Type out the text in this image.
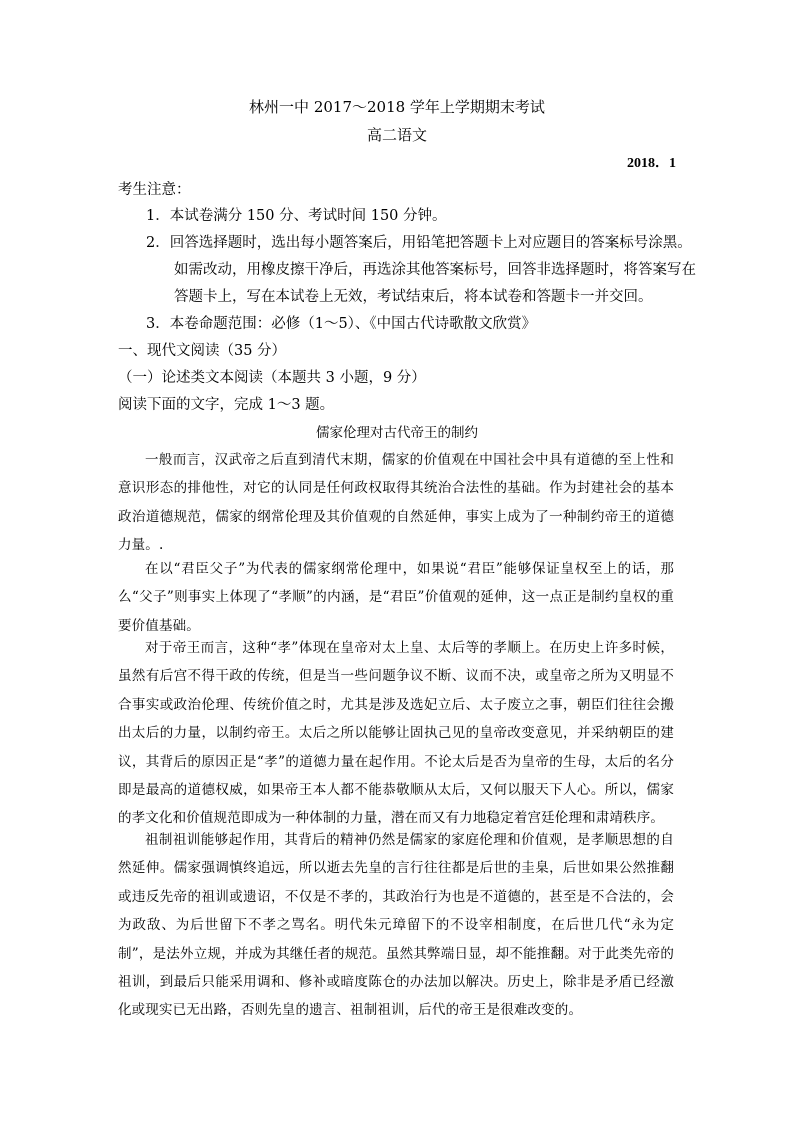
林州一中 2017～2018 学年上学期期末考试
高二语文
2018．1
考生注意：
1．本试卷满分 150 分、考试时间 150 分钟。
2．回答选择题时，选出每小题答案后，用铅笔把答题卡上对应题目的答案标号涂黑。
如需改动，用橡皮擦干净后，再选涂其他答案标号，回答非选择题时，将答案写在
答题卡上，写在本试卷上无效，考试结束后，将本试卷和答题卡一并交回。
3．本卷命题范围：必修（1～5）、《中国古代诗歌散文欣赏》
一、现代文阅读（35 分）
（一）论述类文本阅读（本题共 3 小题，9 分）
阅读下面的文字，完成 1～3 题。
儒家伦理对古代帝王的制约

一般而言，汉武帝之后直到清代末期，儒家的价值观在中国社会中具有道德的至上性和意识形态的排他性，对它的认同是任何政权取得其统治合法性的基础。作为封建社会的基本政治道德规范，儒家的纲常伦理及其价值观的自然延伸，事实上成为了一种制约帝王的道德力量。.

在以“君臣父子”为代表的儒家纲常伦理中，如果说“君臣”能够保证皇权至上的话，那么“父子”则事实上体现了“孝顺”的内涵，是“君臣”价值观的延伸，这一点正是制约皇权的重要价值基础。

对于帝王而言，这种“孝”体现在皇帝对太上皇、太后等的孝顺上。在历史上许多时候，虽然有后宫不得干政的传统，但是当一些问题争议不断、议而不决，或皇帝之所为又明显不合事实或政治伦理、传统价值之时，尤其是涉及选妃立后、太子废立之事，朝臣们往往会搬出太后的力量，以制约帝王。太后之所以能够让固执己见的皇帝改变意见，并采纳朝臣的建议，其背后的原因正是“孝”的道德力量在起作用。不论太后是否为皇帝的生母，太后的名分即是最高的道德权威，如果帝王本人都不能恭敬顺从太后，又何以服天下人心。所以，儒家的孝文化和价值规范即成为一种体制的力量，潜在而又有力地稳定着宫廷伦理和肃靖秩序。

祖制祖训能够起作用，其背后的精神仍然是儒家的家庭伦理和价值观，是孝顺思想的自然延伸。儒家强调慎终追远，所以逝去先皇的言行往往都是后世的圭臬，后世如果公然推翻或违反先帝的祖训或遗诏，不仅是不孝的，其政治行为也是不道德的，甚至是不合法的，会为政敌、为后世留下不孝之骂名。明代朱元璋留下的不设宰相制度，在后世几代“永为定制”，是法外立规，并成为其继任者的规范。虽然其弊端日显，却不能推翻。对于此类先帝的祖训，到最后只能采用调和、修补或暗度陈仓的办法加以解决。历史上，除非是矛盾已经激化或现实已无出路，否则先皇的遗言、祖制祖训，后代的帝王是很难改变的。
